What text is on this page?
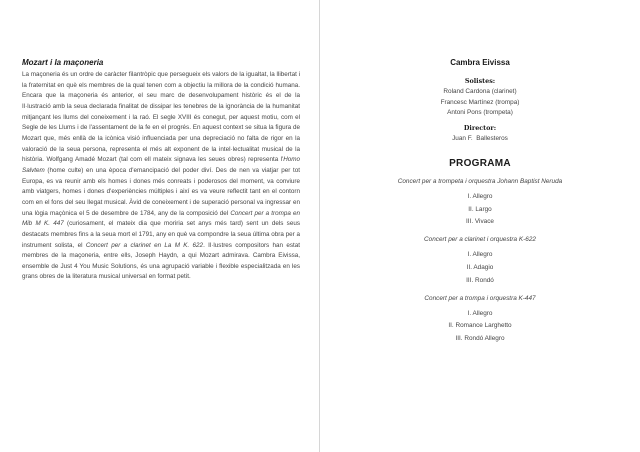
Mozart i la maçoneria

La maçoneria és un ordre de caràcter filantròpic que persegueix els valors de la igualtat, la llibertat i la fraternitat en què els membres de la qual tenen com a objectiu la millora de la condició humana. Encara que la maçoneria és anterior, el seu marc de desenvolupament històric és el de la Il·lustració amb la seua declarada finalitat de dissipar les tenebres de la ignorància de la humanitat mitjançant les llums del coneixement i la raó. El segle XVIII és conegut, per aquest motiu, com el Segle de les Llums i de l'assentament de la fe en el progrés. En aquest context se situa la figura de Mozart que, més enllà de la icònica visió influenciada per una depreciació no falta de rigor en la valoració de la seua persona, representa el més alt exponent de la intel·lectualitat musical de la història. Wolfgang Amadé Mozart (tal com ell mateix signava les seues obres) representa l'Homo Salvtem (home culte) en una època d'emancipació del poder diví. Des de nen va viatjar per tot Europa, es va reunir amb els homes i dones més conreats i poderosos del moment, va conviure amb viatgers, homes i dones d'experiències múltiples i així es va veure reflectit tant en el contorn com en el fons del seu llegat musical. Àvid de coneixement i de superació personal va ingressar en una lògia maçònica el 5 de desembre de 1784, any de la composició del Concert per a trompa en Mib M K. 447 (curiosament, el mateix dia que moriria set anys més tard) sent un dels seus destacats membres fins a la seua mort el 1791, any en què va compondre la seua última obra per a instrument solista, el Concert per a clarinet en La M K. 622. Il·lustres compositors han estat membres de la maçoneria, entre ells, Joseph Haydn, a qui Mozart admirava. Cambra Eivissa, ensemble de Just 4 You Music Solutions, és una agrupació variable i flexible especialitzada en les grans obres de la literatura musical universal en format petit.

Cambra Eivissa
Solistes:
Roland Cardona (clarinet)
Francesc Martínez (trompa)
Antoni Pons (trompeta)
Director:
Juan F.  Ballesteros
PROGRAMA
Concert per a trompeta i orquestra Johann Baptist Neruda
I. Allegro
II. Largo
III. Vivace
Concert per a clarinet i orquestra K-622
I. Allegro
II. Adagio
III. Rondó
Concert per a trompa i orquestra K-447
I. Allegro
II. Romance Larghetto
III. Rondó Allegro
